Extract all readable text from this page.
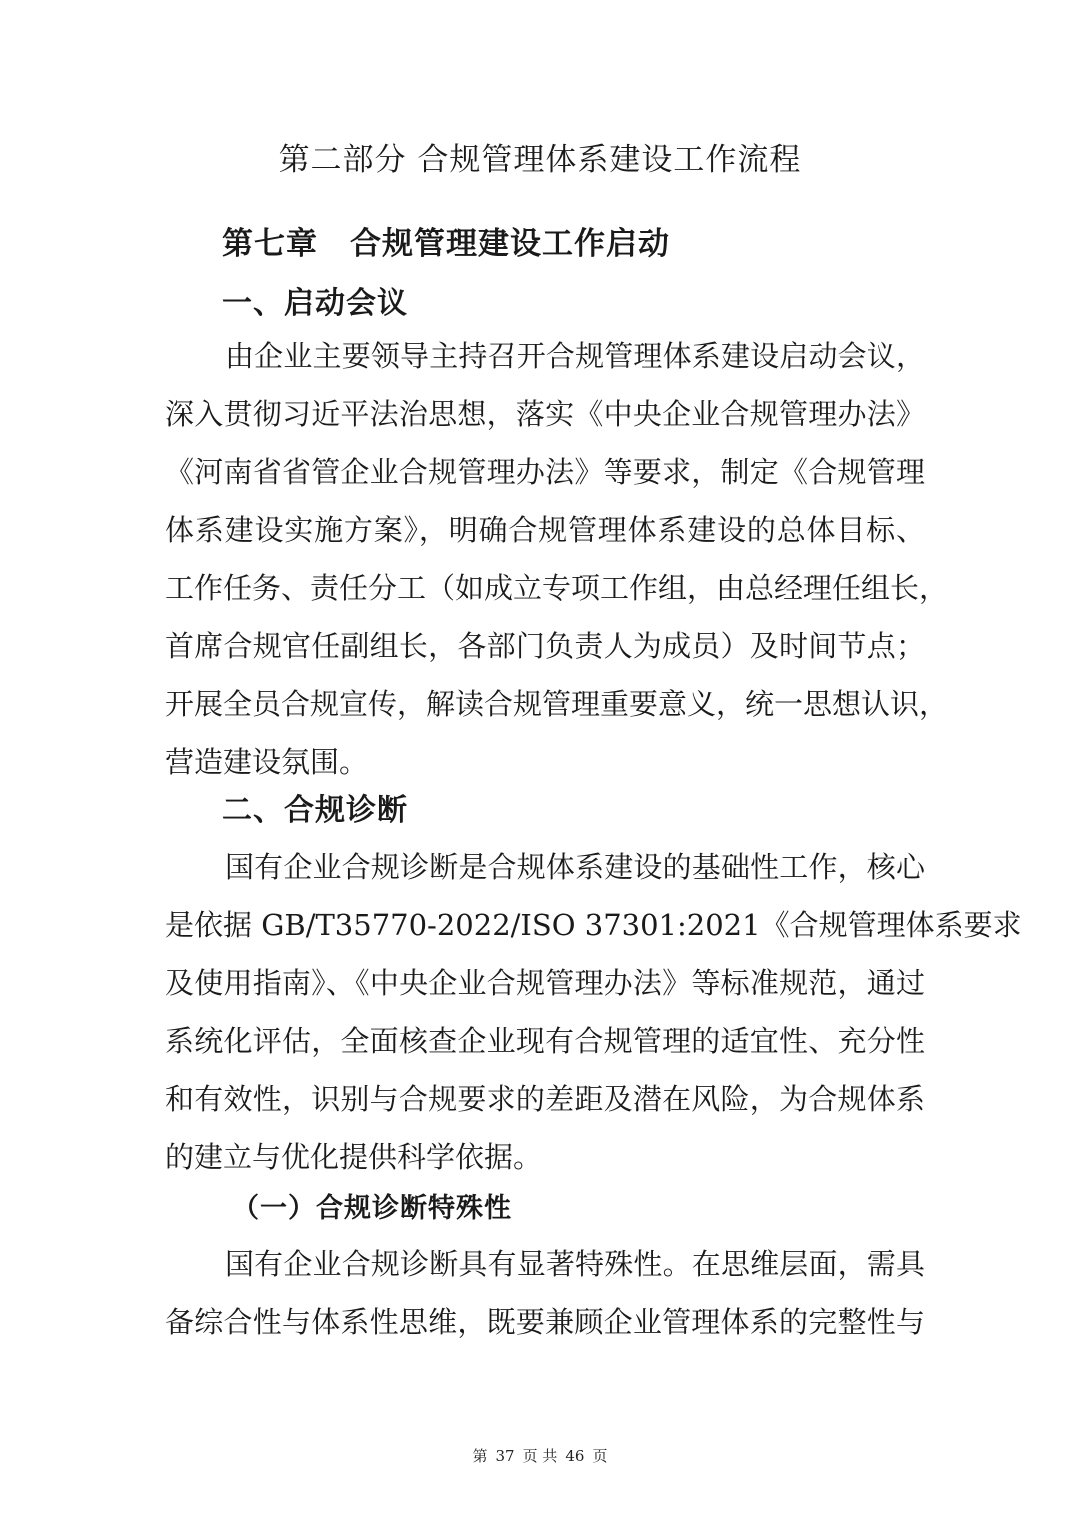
第二部分 合规管理体系建设工作流程
第七章　合规管理建设工作启动
一、启动会议
由企业主要领导主持召开合规管理体系建设启动会议，
深入贯彻习近平法治思想，落实《中央企业合规管理办法》
《河南省省管企业合规管理办法》等要求，制定《合规管理
体系建设实施方案》，明确合规管理体系建设的总体目标、
工作任务、责任分工（如成立专项工作组，由总经理任组长，
首席合规官任副组长，各部门负责人为成员）及时间节点；
开展全员合规宣传，解读合规管理重要意义，统一思想认识，
营造建设氛围。
二、合规诊断
国有企业合规诊断是合规体系建设的基础性工作，核心
是依据 GB/T35770-2022/ISO 37301:2021《合规管理体系要求
及使用指南》、《中央企业合规管理办法》等标准规范，通过
系统化评估，全面核查企业现有合规管理的适宜性、充分性
和有效性，识别与合规要求的差距及潜在风险，为合规体系
的建立与优化提供科学依据。
（一）合规诊断特殊性
国有企业合规诊断具有显著特殊性。在思维层面，需具
备综合性与体系性思维，既要兼顾企业管理体系的完整性与
第 37 页 共 46 页
